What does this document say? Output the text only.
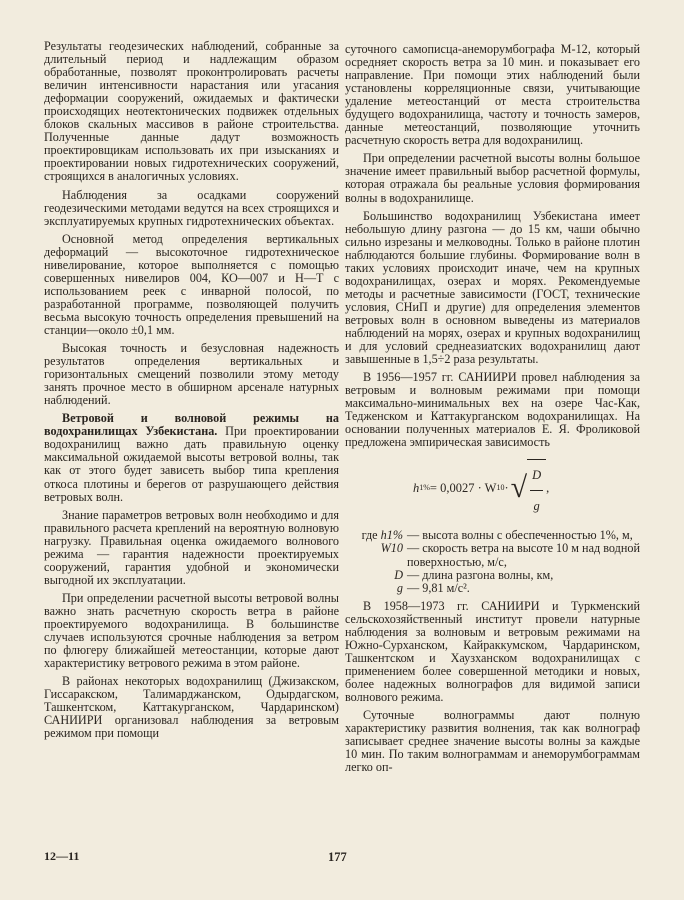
Результаты геодезических наблюдений, собранные за длительный период и надлежащим образом обработанные, позволят проконтролировать расчеты величин интенсивности нарастания или угасания деформации сооружений, ожидаемых и фактически происходящих неотектонических подвижек отдельных блоков скальных массивов в районе строительства. Полученные данные дадут возможность проектировщикам использовать их при изысканиях и проектировании новых гидротехнических сооружений, строящихся в аналогичных условиях.

Наблюдения за осадками сооружений геодезическими методами ведутся на всех строящихся и эксплуатируемых крупных гидротехнических объектах.

Основной метод определения вертикальных деформаций — высокоточное гидротехническое нивелирование, которое выполняется с помощью совершенных нивелиров 004, КО—007 и Н—Т с использованием реек с инварной полосой, по разработанной программе, позволяющей получить весьма высокую точность определения превышений на станции—около ±0,1 мм.

Высокая точность и безусловная надежность результатов определения вертикальных и горизонтальных смещений позволили этому методу занять прочное место в обширном арсенале натурных наблюдений.

Ветровой и волновой режимы на водохранилищах Узбекистана. При проектировании водохранилищ важно дать правильную оценку максимальной ожидаемой высоты ветровой волны, так как от этого будет зависеть выбор типа крепления откоса плотины и берегов от разрушающего действия ветровых волн.

Знание параметров ветровых волн необходимо и для правильного расчета креплений на вероятную волновую нагрузку. Правильная оценка ожидаемого волнового режима — гарантия надежности проектируемых сооружений, гарантия удобной и экономически выгодной их эксплуатации.

При определении расчетной высоты ветровой волны важно знать расчетную скорость ветра в районе проектируемого водохранилища. В большинстве случаев используются срочные наблюдения за ветром по флюгеру ближайшей метеостанции, которые дают характеристику ветрового режима в этом районе.

В районах некоторых водохранилищ (Джизакском, Гиссаракском, Талимарджанском, Одырдагском, Ташкентском, Каттакурганском, Чардаринском) САНИИРИ организовал наблюдения за ветровым режимом при помощи

суточного самописца-анеморумбографа М-12, который осредняет скорость ветра за 10 мин. и показывает его направление. При помощи этих наблюдений были установлены корреляционные связи, учитывающие удаление метеостанций от места строительства будущего водохранилища, частоту и точность замеров, данные метеостанций, позволяющие уточнить расчетную скорость ветра для водохранилищ.

При определении расчетной высоты волны большое значение имеет правильный выбор расчетной формулы, которая отражала бы реальные условия формирования волны в водохранилище.

Большинство водохранилищ Узбекистана имеет небольшую длину разгона — до 15 км, чаши обычно сильно изрезаны и мелководны. Только в районе плотин наблюдаются большие глубины. Формирование волн в таких условиях происходит иначе, чем на крупных водохранилищах, озерах и морях. Рекомендуемые методы и расчетные зависимости (ГОСТ, технические условия, СНиП и другие) для определения элементов ветровых волн в основном выведены из материалов наблюдений на морях, озерах и крупных водохранилищ и для условий среднеазиатских водохранилищ дают завышенные в 1,5÷2 раза результаты.

В 1956—1957 гг. САНИИРИ провел наблюдения за ветровым и волновым режимами при помощи максимально-минимальных вех на озере Час-Как, Тедженском и Каттакурганском водохранилищах. На основании полученных материалов Е. Я. Фроликовой предложена эмпирическая зависимость

h 1% = 0,0027 · W 10 · √ $\frac{D}{g}$ ,
где h1% — высота волны с обеспеченностью 1%, м,
W10 — скорость ветра на высоте 10 м над водной поверхностью, м/с,
D — длина разгона волны, км,
g — 9,81 м/с².

В 1958—1973 гг. САНИИРИ и Туркменский сельскохозяйственный институт провели натурные наблюдения за волновым и ветровым режимами на Южно-Сурханском, Кайраккумском, Чардаринском, Ташкентском и Хаузханском водохранилищах с применением более совершенной методики и новых, более надежных волнографов для видимой записи волнового режима.

Суточные волнограммы дают полную характеристику развития волнения, так как волнограф записывает среднее значение высоты волны за каждые 10 мин. По таким волнограммам и анеморумбограммам легко оп-

12—11	177
